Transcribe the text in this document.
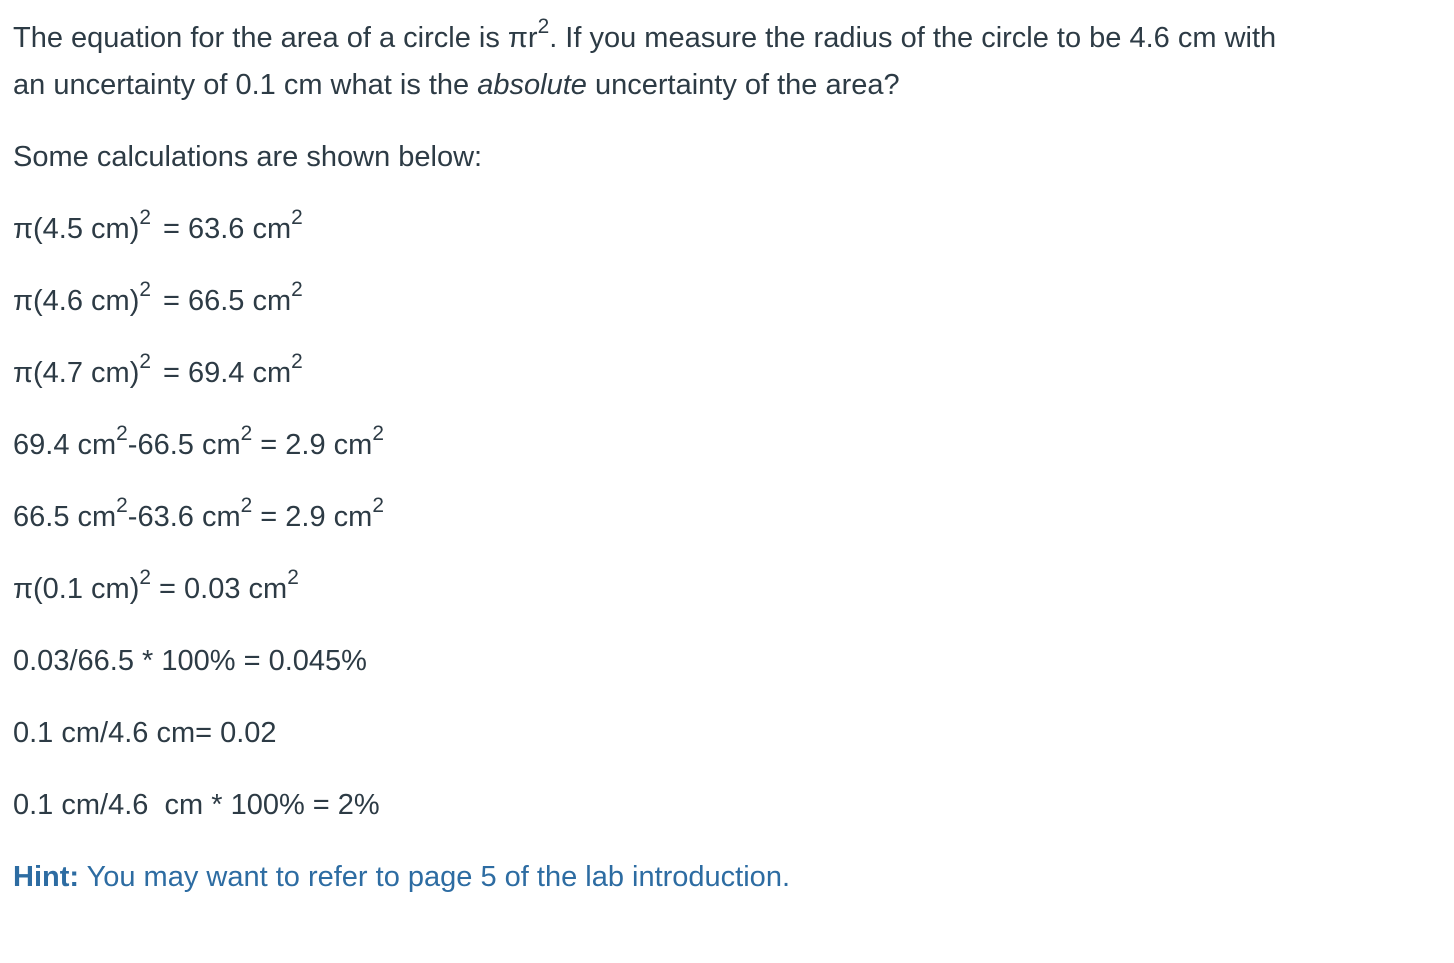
The equation for the area of a circle is $\pi r^2$. If you measure the radius of the circle to be 4.6 cm with
an uncertainty of 0.1 cm what is the absolute uncertainty of the area?
Some calculations are shown below:
π(4.5 cm)$^2$ = 63.6 $cm^2$
π(4.6 cm)$^2$ = 66.5 $cm^2$
π(4.7 cm)$^2$ = 69.4 $cm^2$
69.4 $cm^2-66.5$ $cm^2 = 2.9$ $cm^2$
66.5 $cm^2-63.6$ $cm^2 = 2.9$ $cm^2$
π(0.1 cm)$^2$ = 0.03 $cm^2$
0.03/66.5 * 100% = 0.045%
0.1 cm/4.6 cm= 0.02
0.1 cm/4.6  cm * 100% = 2%
Hint: You may want to refer to page 5 of the lab introduction.
